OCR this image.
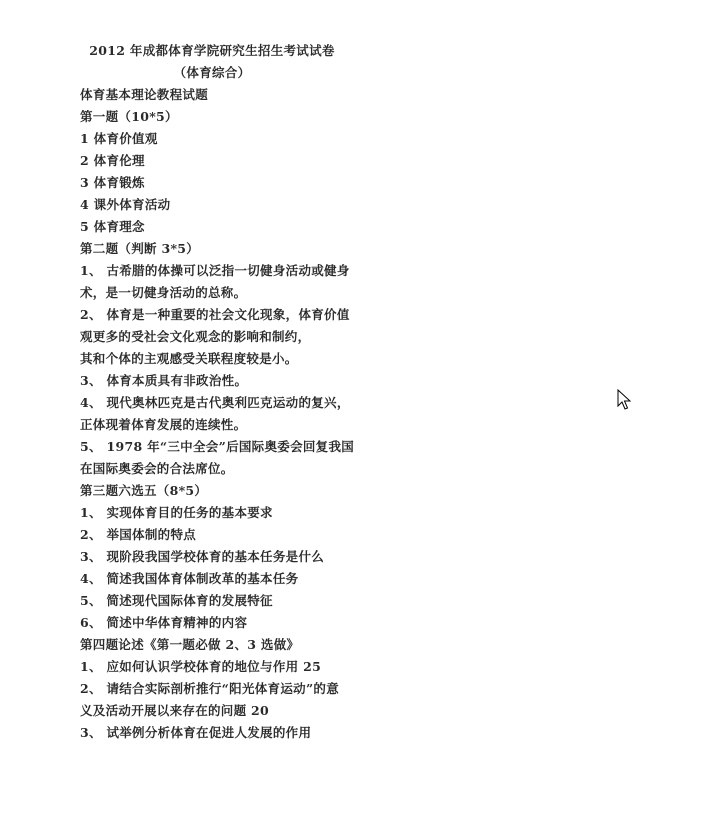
2012 年成都体育学院研究生招生考试试卷
（体育综合）
体育基本理论教程试题
第一题（10*5）
1 体育价值观
2 体育伦理
3 体育锻炼
4 课外体育活动
5 体育理念
第二题（判断 3*5）
1、 古希腊的体操可以泛指一切健身活动或健身
术，是一切健身活动的总称。
2、 体育是一种重要的社会文化现象，体育价值
观更多的受社会文化观念的影响和制约，
其和个体的主观感受关联程度较是小。
3、 体育本质具有非政治性。
4、 现代奥林匹克是古代奥利匹克运动的复兴，
正体现着体育发展的连续性。
5、 1978 年“三中全会”后国际奥委会回复我国
在国际奥委会的合法席位。
第三题六选五（8*5）
1、 实现体育目的任务的基本要求
2、 举国体制的特点
3、 现阶段我国学校体育的基本任务是什么
4、 简述我国体育体制改革的基本任务
5、 简述现代国际体育的发展特征
6、 简述中华体育精神的内容
第四题论述《第一题必做 2、3 选做》
1、 应如何认识学校体育的地位与作用 25
2、 请结合实际剖析推行“阳光体育运动”的意
义及活动开展以来存在的问题 20
3、 试举例分析体育在促进人发展的作用
